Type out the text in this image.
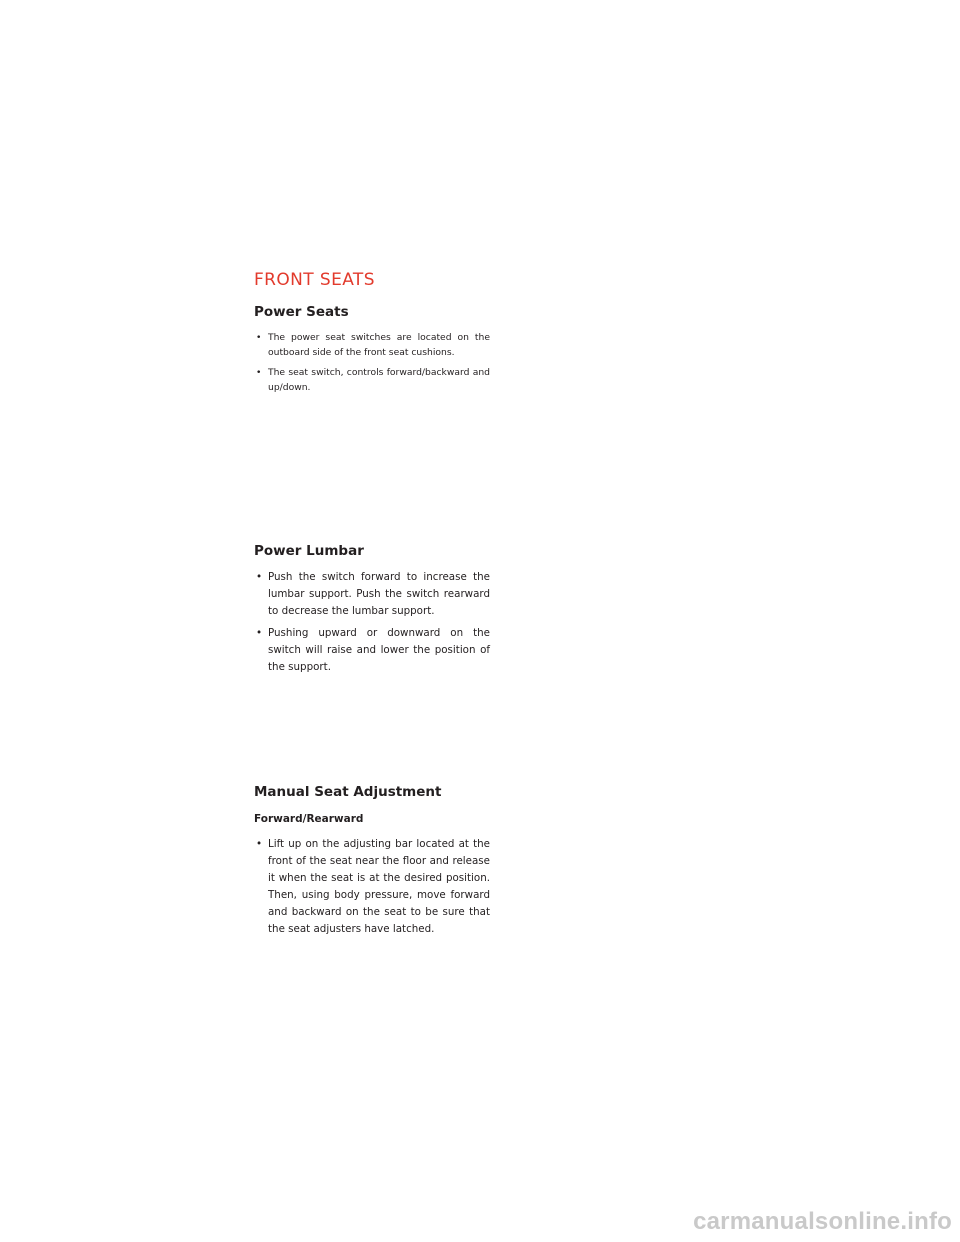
FRONT SEATS
Power Seats
• The power seat switches are located on the outboard side of the front seat cushions.
• The seat switch, controls forward/backward and up/down.
Power Lumbar
• Push the switch forward to increase the lumbar support. Push the switch rearward to decrease the lumbar support.
• Pushing upward or downward on the switch will raise and lower the position of the support.
Manual Seat Adjustment
Forward/Rearward
• Lift up on the adjusting bar located at the front of the seat near the floor and release it when the seat is at the desired position. Then, using body pressure, move forward and backward on the seat to be sure that the seat adjusters have latched.
carmanualsonline.info
